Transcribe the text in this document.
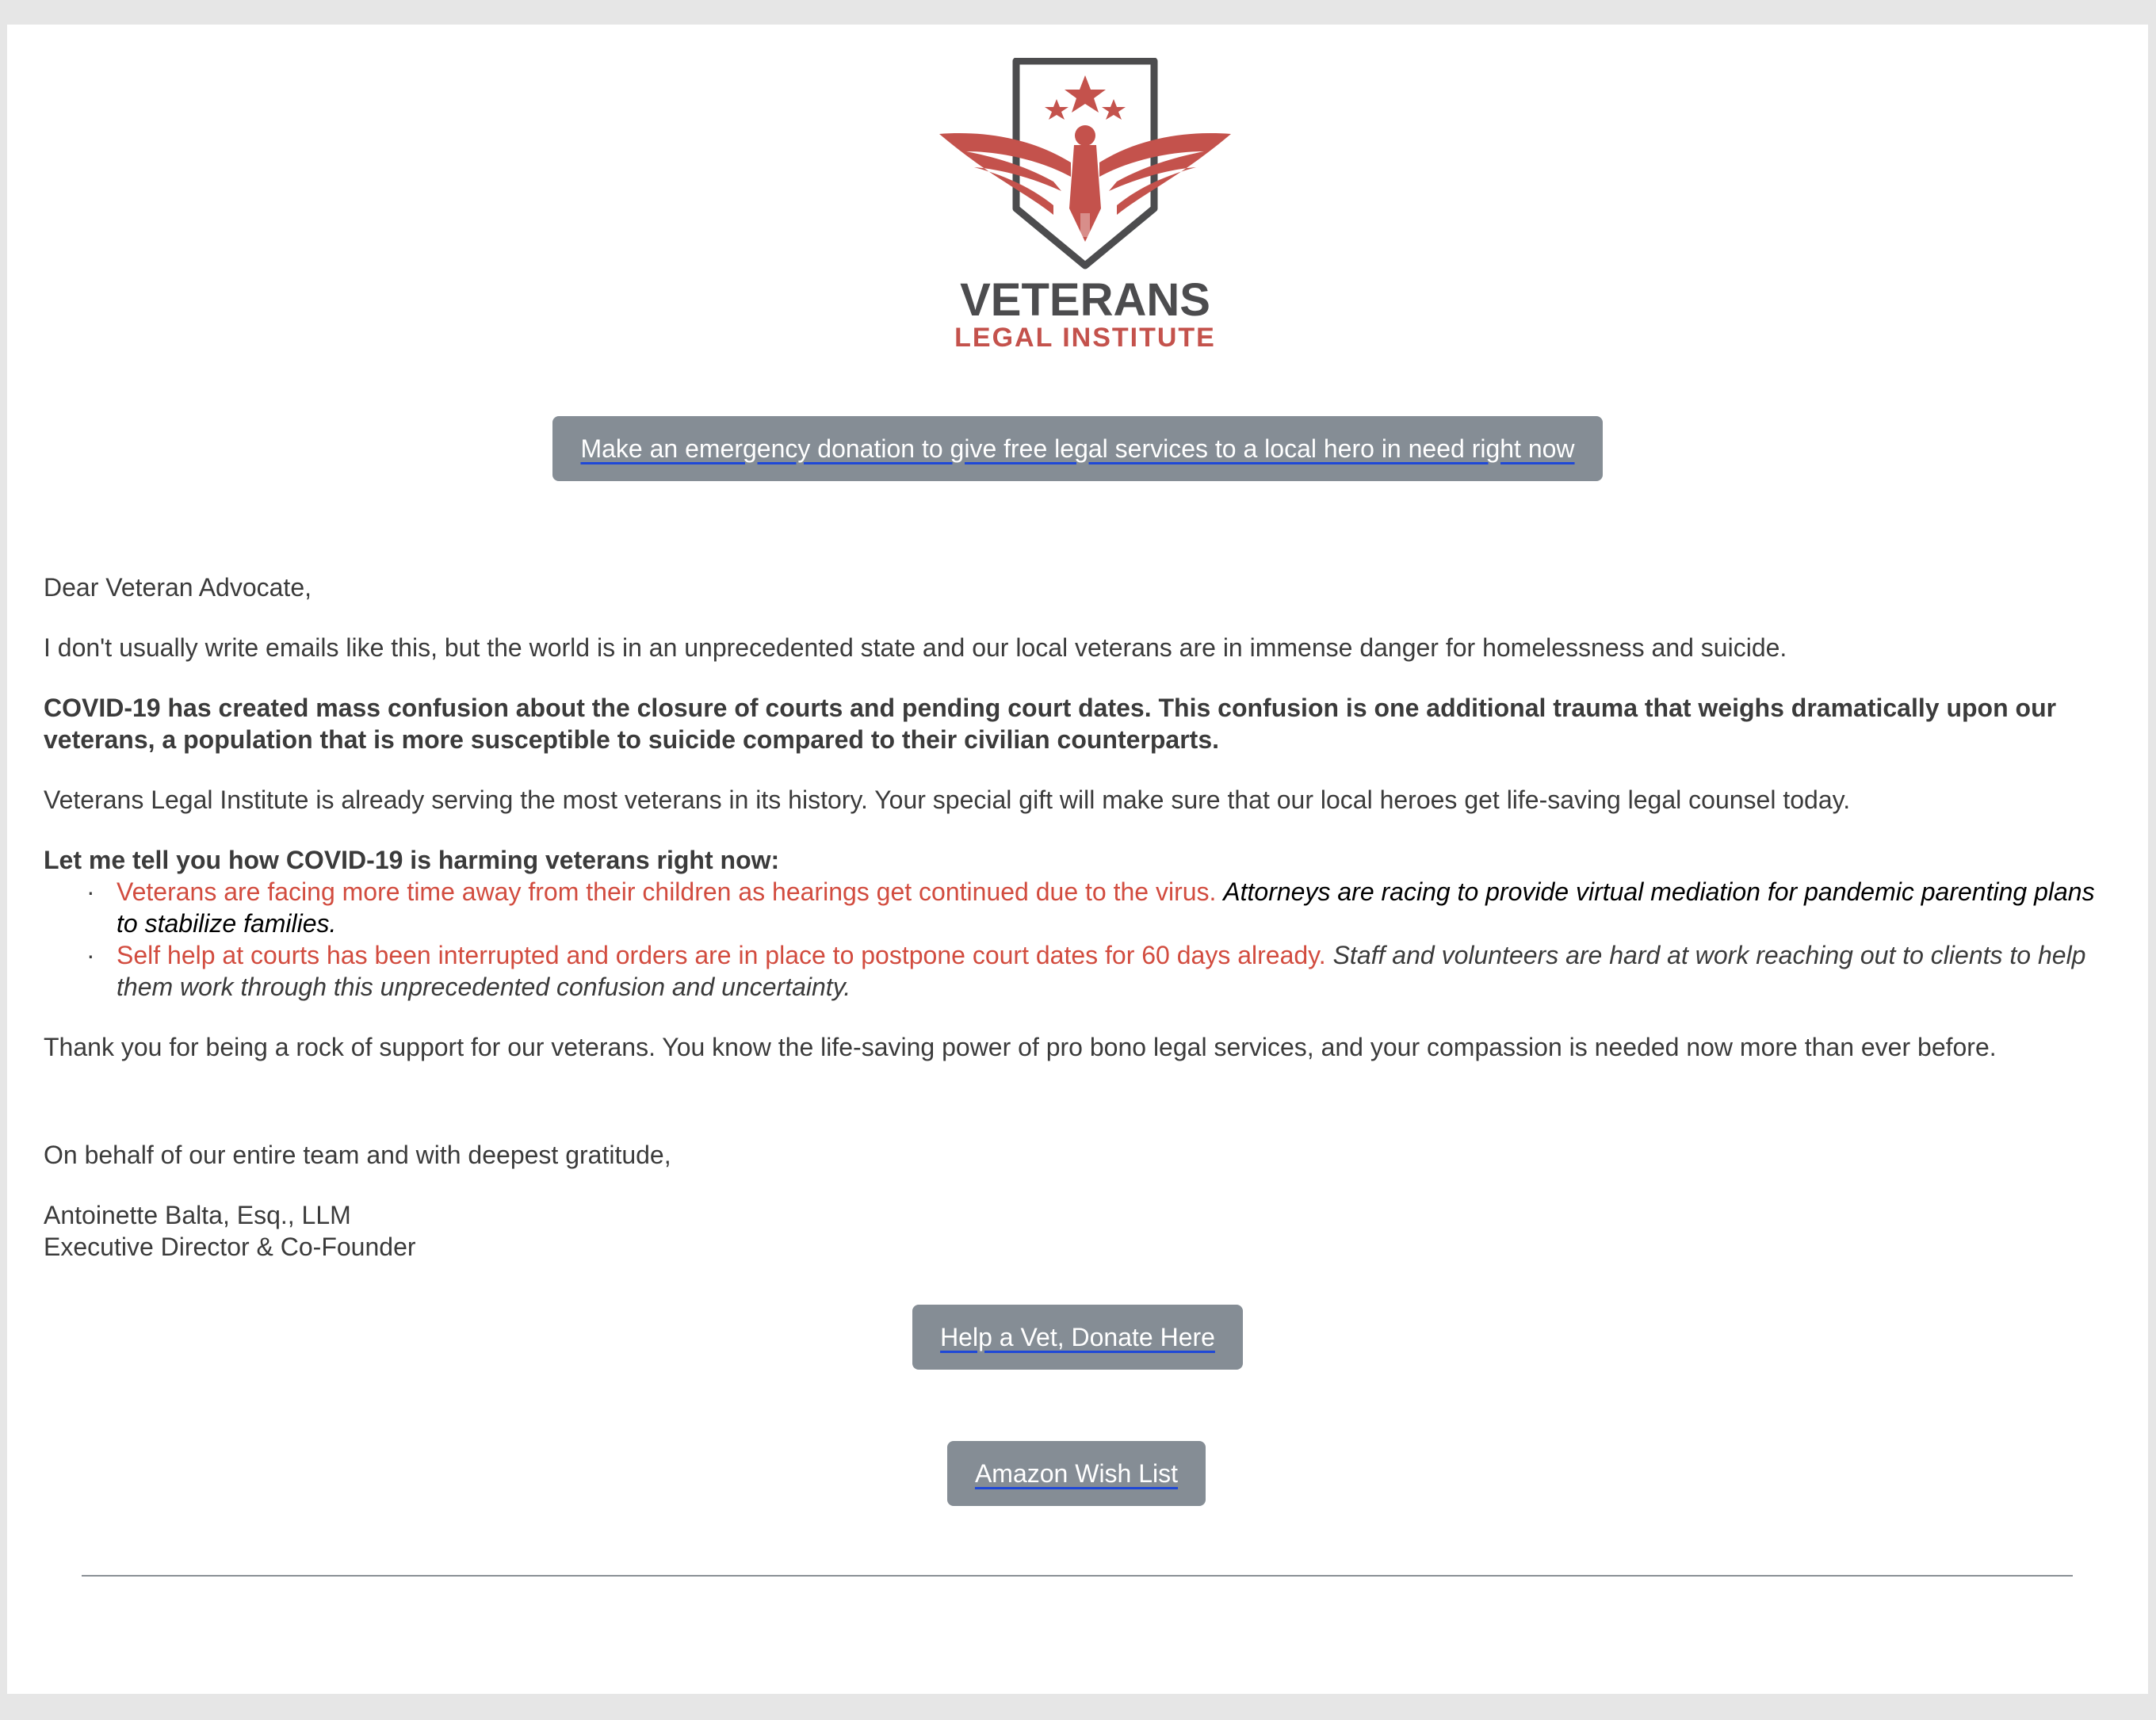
VETERANS
LEGAL INSTITUTE
Make an emergency donation to give free legal services to a local hero in need right now

Dear Veteran Advocate,

I don't usually write emails like this, but the world is in an unprecedented state and our local veterans are in immense danger for homelessness and suicide.

COVID-19 has created mass confusion about the closure of courts and pending court dates. This confusion is one additional trauma that weighs dramatically upon our veterans, a population that is more susceptible to suicide compared to their civilian counterparts.

Veterans Legal Institute is already serving the most veterans in its history. Your special gift will make sure that our local heroes get life-saving legal counsel today.

Let me tell you how COVID-19 is harming veterans right now:

· Veterans are facing more time away from their children as hearings get continued due to the virus. Attorneys are racing to provide virtual mediation for pandemic parenting plans to stabilize families.
· Self help at courts has been interrupted and orders are in place to postpone court dates for 60 days already. Staff and volunteers are hard at work reaching out to clients to help them work through this unprecedented confusion and uncertainty.

Thank you for being a rock of support for our veterans. You know the life-saving power of pro bono legal services, and your compassion is needed now more than ever before.

On behalf of our entire team and with deepest gratitude,

Antoinette Balta, Esq., LLM
Executive Director & Co-Founder
Help a Vet, Donate Here
Amazon Wish List
